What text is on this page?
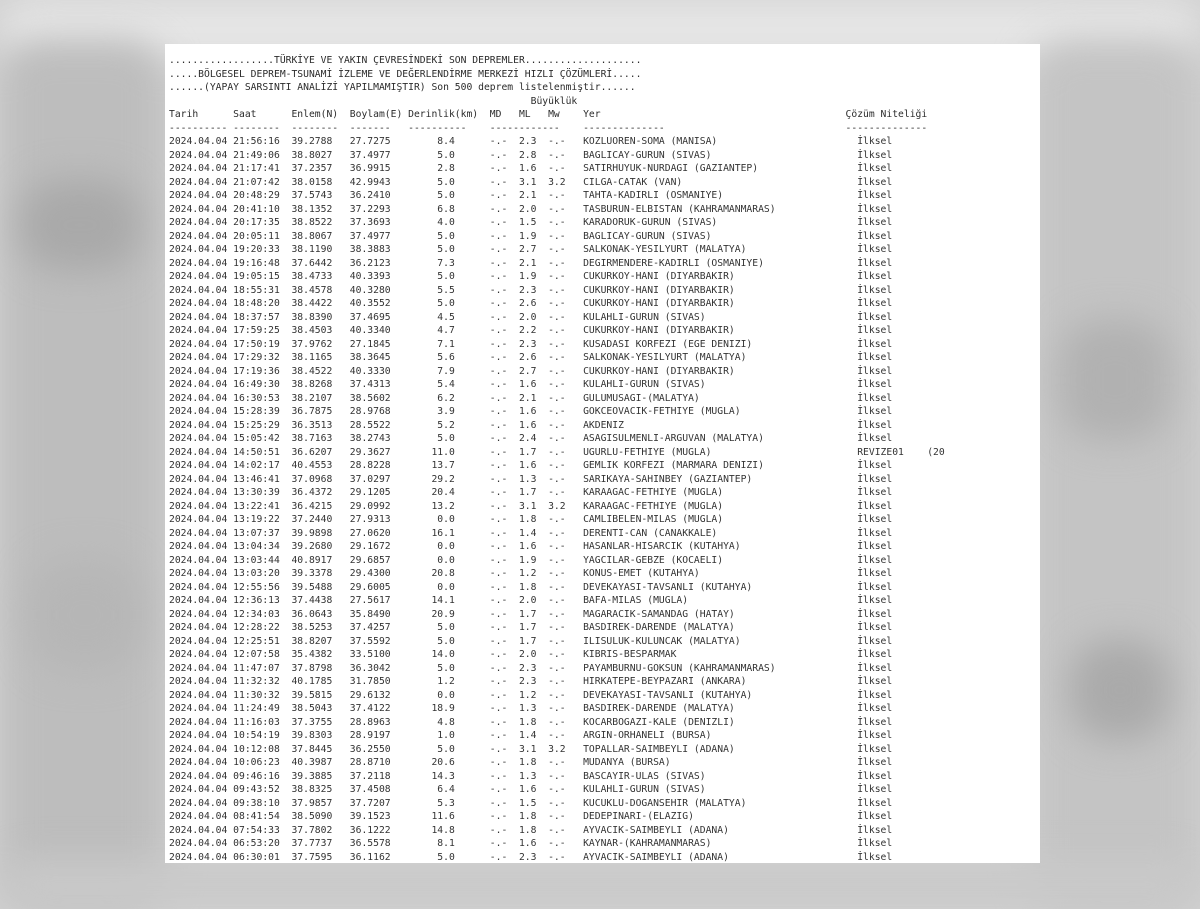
..................TÜRKİYE VE YAKIN ÇEVRESİNDEKİ SON DEPREMLER....................
.....BÖLGESEL DEPREM-TSUNAMİ İZLEME VE DEĞERLENDİRME MERKEZİ HIZLI ÇÖZÜMLERİ.....
......(YAPAY SARSINTI ANALİZİ YAPILMAMIŞTIR) Son 500 deprem listelenmiştir......
Büyüklük
Tarih      Saat      Enlem(N)  Boylam(E) Derinlik(km)  MD   ML   Mw    Yer                                          Çözüm Niteliği
---------- --------  --------  -------   ----------    ------------    --------------                               --------------
2024.04.04 21:56:16  39.2788   27.7275        8.4      -.-  2.3  -.-   KOZLUOREN-SOMA (MANISA)                        İlksel
2024.04.04 21:49:06  38.8027   37.4977        5.0      -.-  2.8  -.-   BAGLICAY-GURUN (SIVAS)                         İlksel
2024.04.04 21:17:41  37.2357   36.9915        2.8      -.-  1.6  -.-   SATIRHUYUK-NURDAGI (GAZIANTEP)                 İlksel
2024.04.04 21:07:42  38.0158   42.9943        5.0      -.-  3.1  3.2   CILGA-CATAK (VAN)                              İlksel
2024.04.04 20:48:29  37.5743   36.2410        5.0      -.-  2.1  -.-   TAHTA-KADIRLI (OSMANIYE)                       İlksel
2024.04.04 20:41:10  38.1352   37.2293        6.8      -.-  2.0  -.-   TASBURUN-ELBISTAN (KAHRAMANMARAS)              İlksel
2024.04.04 20:17:35  38.8522   37.3693        4.0      -.-  1.5  -.-   KARADORUK-GURUN (SIVAS)                        İlksel
2024.04.04 20:05:11  38.8067   37.4977        5.0      -.-  1.9  -.-   BAGLICAY-GURUN (SIVAS)                         İlksel
2024.04.04 19:20:33  38.1190   38.3883        5.0      -.-  2.7  -.-   SALKONAK-YESILYURT (MALATYA)                   İlksel
2024.04.04 19:16:48  37.6442   36.2123        7.3      -.-  2.1  -.-   DEGIRMENDERE-KADIRLI (OSMANIYE)                İlksel
2024.04.04 19:05:15  38.4733   40.3393        5.0      -.-  1.9  -.-   CUKURKOY-HANI (DIYARBAKIR)                     İlksel
2024.04.04 18:55:31  38.4578   40.3280        5.5      -.-  2.3  -.-   CUKURKOY-HANI (DIYARBAKIR)                     İlksel
2024.04.04 18:48:20  38.4422   40.3552        5.0      -.-  2.6  -.-   CUKURKOY-HANI (DIYARBAKIR)                     İlksel
2024.04.04 18:37:57  38.8390   37.4695        4.5      -.-  2.0  -.-   KULAHLI-GURUN (SIVAS)                          İlksel
2024.04.04 17:59:25  38.4503   40.3340        4.7      -.-  2.2  -.-   CUKURKOY-HANI (DIYARBAKIR)                     İlksel
2024.04.04 17:50:19  37.9762   27.1845        7.1      -.-  2.3  -.-   KUSADASI KORFEZI (EGE DENIZI)                  İlksel
2024.04.04 17:29:32  38.1165   38.3645        5.6      -.-  2.6  -.-   SALKONAK-YESILYURT (MALATYA)                   İlksel
2024.04.04 17:19:36  38.4522   40.3330        7.9      -.-  2.7  -.-   CUKURKOY-HANI (DIYARBAKIR)                     İlksel
2024.04.04 16:49:30  38.8268   37.4313        5.4      -.-  1.6  -.-   KULAHLI-GURUN (SIVAS)                          İlksel
2024.04.04 16:30:53  38.2107   38.5602        6.2      -.-  2.1  -.-   GULUMUSAGI-(MALATYA)                           İlksel
2024.04.04 15:28:39  36.7875   28.9768        3.9      -.-  1.6  -.-   GOKCEOVACIK-FETHIYE (MUGLA)                    İlksel
2024.04.04 15:25:29  36.3513   28.5522        5.2      -.-  1.6  -.-   AKDENIZ                                        İlksel
2024.04.04 15:05:42  38.7163   38.2743        5.0      -.-  2.4  -.-   ASAGISULMENLI-ARGUVAN (MALATYA)                İlksel
2024.04.04 14:50:51  36.6207   29.3627       11.0      -.-  1.7  -.-   UGURLU-FETHIYE (MUGLA)                         REVIZE01    (20
2024.04.04 14:02:17  40.4553   28.8228       13.7      -.-  1.6  -.-   GEMLIK KORFEZI (MARMARA DENIZI)                İlksel
2024.04.04 13:46:41  37.0968   37.0297       29.2      -.-  1.3  -.-   SARIKAYA-SAHINBEY (GAZIANTEP)                  İlksel
2024.04.04 13:30:39  36.4372   29.1205       20.4      -.-  1.7  -.-   KARAAGAC-FETHIYE (MUGLA)                       İlksel
2024.04.04 13:22:41  36.4215   29.0992       13.2      -.-  3.1  3.2   KARAAGAC-FETHIYE (MUGLA)                       İlksel
2024.04.04 13:19:22  37.2440   27.9313        0.0      -.-  1.8  -.-   CAMLIBELEN-MILAS (MUGLA)                       İlksel
2024.04.04 13:07:37  39.9898   27.0620       16.1      -.-  1.4  -.-   DERENTI-CAN (CANAKKALE)                        İlksel
2024.04.04 13:04:34  39.2680   29.1672        0.0      -.-  1.6  -.-   HASANLAR-HISARCIK (KUTAHYA)                    İlksel
2024.04.04 13:03:44  40.8917   29.6857        0.0      -.-  1.9  -.-   YAGCILAR-GEBZE (KOCAELI)                       İlksel
2024.04.04 13:03:20  39.3378   29.4300       20.8      -.-  1.2  -.-   KONUS-EMET (KUTAHYA)                           İlksel
2024.04.04 12:55:56  39.5488   29.6005        0.0      -.-  1.8  -.-   DEVEKAYASI-TAVSANLI (KUTAHYA)                  İlksel
2024.04.04 12:36:13  37.4438   27.5617       14.1      -.-  2.0  -.-   BAFA-MILAS (MUGLA)                             İlksel
2024.04.04 12:34:03  36.0643   35.8490       20.9      -.-  1.7  -.-   MAGARACIK-SAMANDAG (HATAY)                     İlksel
2024.04.04 12:28:22  38.5253   37.4257        5.0      -.-  1.7  -.-   BASDIREK-DARENDE (MALATYA)                     İlksel
2024.04.04 12:25:51  38.8207   37.5592        5.0      -.-  1.7  -.-   ILISULUK-KULUNCAK (MALATYA)                    İlksel
2024.04.04 12:07:58  35.4382   33.5100       14.0      -.-  2.0  -.-   KIBRIS-BESPARMAK                               İlksel
2024.04.04 11:47:07  37.8798   36.3042        5.0      -.-  2.3  -.-   PAYAMBURNU-GOKSUN (KAHRAMANMARAS)              İlksel
2024.04.04 11:32:32  40.1785   31.7850        1.2      -.-  2.3  -.-   HIRKATEPE-BEYPAZARI (ANKARA)                   İlksel
2024.04.04 11:30:32  39.5815   29.6132        0.0      -.-  1.2  -.-   DEVEKAYASI-TAVSANLI (KUTAHYA)                  İlksel
2024.04.04 11:24:49  38.5043   37.4122       18.9      -.-  1.3  -.-   BASDIREK-DARENDE (MALATYA)                     İlksel
2024.04.04 11:16:03  37.3755   28.8963        4.8      -.-  1.8  -.-   KOCARBOGAZI-KALE (DENIZLI)                     İlksel
2024.04.04 10:54:19  39.8303   28.9197        1.0      -.-  1.4  -.-   ARGIN-ORHANELI (BURSA)                         İlksel
2024.04.04 10:12:08  37.8445   36.2550        5.0      -.-  3.1  3.2   TOPALLAR-SAIMBEYLI (ADANA)                     İlksel
2024.04.04 10:06:23  40.3987   28.8710       20.6      -.-  1.8  -.-   MUDANYA (BURSA)                                İlksel
2024.04.04 09:46:16  39.3885   37.2118       14.3      -.-  1.3  -.-   BASCAYIR-ULAS (SIVAS)                          İlksel
2024.04.04 09:43:52  38.8325   37.4508        6.4      -.-  1.6  -.-   KULAHLI-GURUN (SIVAS)                          İlksel
2024.04.04 09:38:10  37.9857   37.7207        5.3      -.-  1.5  -.-   KUCUKLU-DOGANSEHIR (MALATYA)                   İlksel
2024.04.04 08:41:54  38.5090   39.1523       11.6      -.-  1.8  -.-   DEDEPINARI-(ELAZIG)                            İlksel
2024.04.04 07:54:33  37.7802   36.1222       14.8      -.-  1.8  -.-   AYVACIK-SAIMBEYLI (ADANA)                      İlksel
2024.04.04 06:53:20  37.7737   36.5578        8.1      -.-  1.6  -.-   KAYNAR-(KAHRAMANMARAS)                         İlksel
2024.04.04 06:30:01  37.7595   36.1162        5.0      -.-  2.3  -.-   AYVACIK-SAIMBEYLI (ADANA)                      İlksel
